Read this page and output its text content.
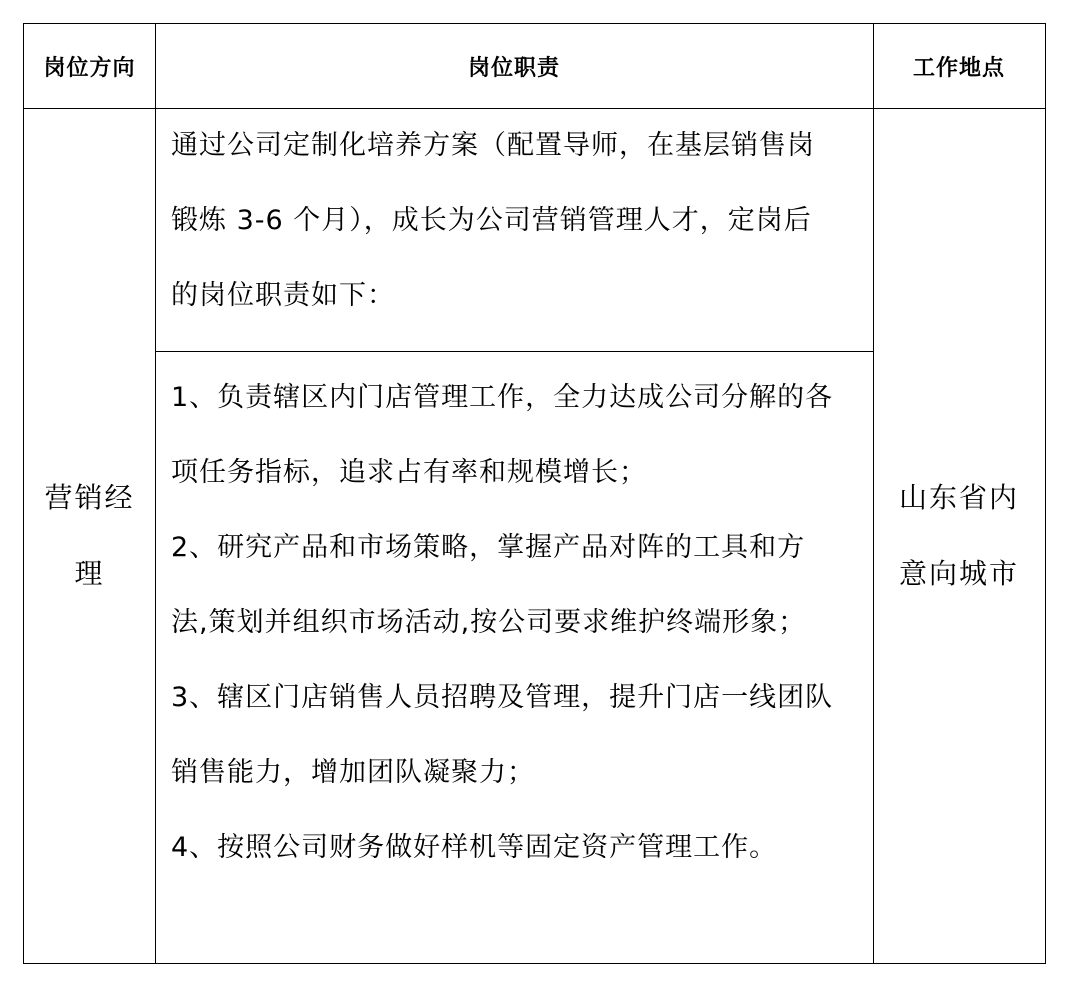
岗位方向	岗位职责	工作地点
营销经
理
通过公司定制化培养方案（配置导师，在基层销售岗
锻炼 3-6 个月），成长为公司营销管理人才，定岗后
的岗位职责如下：
1、负责辖区内门店管理工作，全力达成公司分解的各
项任务指标，追求占有率和规模增长；
2、研究产品和市场策略，掌握产品对阵的工具和方
法,策划并组织市场活动,按公司要求维护终端形象；
3、辖区门店销售人员招聘及管理，提升门店一线团队
销售能力，增加团队凝聚力；
4、按照公司财务做好样机等固定资产管理工作。
山东省内
意向城市
